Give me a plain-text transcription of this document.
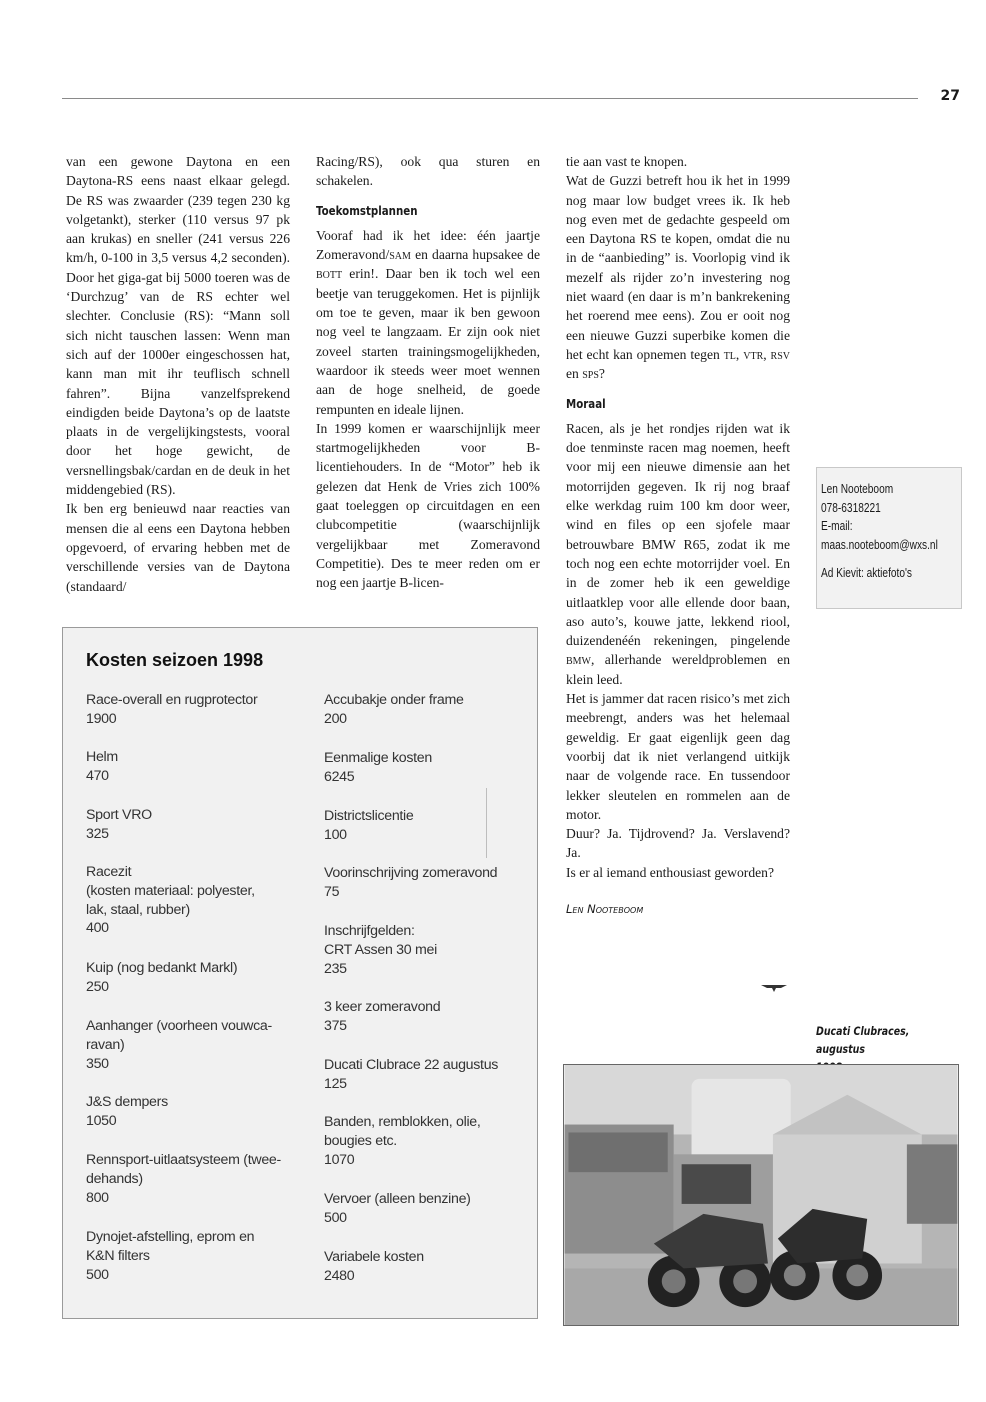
27

van een gewone Daytona en een Daytona-RS eens naast elkaar gelegd. De RS was zwaarder (239 tegen 230 kg volgetankt), sterker (110 versus 97 pk aan krukas) en sneller (241 versus 226 km/h, 0-100 in 3,5 versus 4,2 seconden). Door het giga-gat bij 5000 toeren was de ‘Durchzug’ van de RS echter wel slechter. Conclusie (RS): “Mann soll sich nicht tauschen lassen: Wenn man sich auf der 1000er eingeschossen hat, kann man mit ihr teuflisch schnell fahren”. Bijna vanzelfsprekend eindigden beide Daytona’s op de laatste plaats in de vergelijkingstests, vooral door het hoge gewicht, de versnellingsbak/cardan en de deuk in het middengebied (RS).

Ik ben erg benieuwd naar reacties van mensen die al eens een Daytona hebben opgevoerd, of ervaring hebben met de verschillende versies van de Daytona (standaard/

Racing/RS), ook qua sturen en schakelen.

Toekomstplannen

Vooraf had ik het idee: één jaartje Zomeravond/sam en daarna hupsakee de bott erin!. Daar ben ik toch wel een beetje van teruggekomen. Het is pijnlijk om toe te geven, maar ik ben gewoon nog veel te langzaam. Er zijn ook niet zoveel starten trainingsmogelijkheden, waardoor ik steeds weer moet wennen aan de hoge snelheid, de goede rempunten en ideale lijnen.

In 1999 komen er waarschijnlijk meer startmogelijkheden voor B-licentiehouders. In de “Motor” heb ik gelezen dat Henk de Vries zich 100% gaat toeleggen op circuitdagen en een clubcompetitie (waarschijnlijk vergelijkbaar met Zomeravond Competitie). Des te meer reden om er nog een jaartje B-licen-

tie aan vast te knopen.

Wat de Guzzi betreft hou ik het in 1999 nog maar low budget vrees ik. Ik heb nog even met de gedachte gespeeld om een Daytona RS te kopen, omdat die nu in de “aanbieding” is. Voorlopig vind ik mezelf als rijder zo’n investering nog niet waard (en daar is m’n bankrekening het roerend mee eens). Zou er ooit nog een nieuwe Guzzi superbike komen die het echt kan opnemen tegen tl, vtr, rsv en sps?

Moraal

Racen, als je het rondjes rijden wat ik doe tenminste racen mag noemen, heeft voor mij een nieuwe dimensie aan het motorrijden gegeven. Ik rij nog braaf elke werkdag ruim 100 km door weer, wind en files op een sjofele maar betrouwbare BMW R65, zodat ik me toch nog een echte motorrijder voel. En in de zomer heb ik een geweldige uitlaatklep voor alle ellende door baan, aso auto’s, kouwe jatte, lekkend riool, duizendenéén rekeningen, pingelende bmw, allerhande wereldproblemen en klein leed.

Het is jammer dat racen risico’s met zich meebrengt, anders was het helemaal geweldig. Er gaat eigenlijk geen dag voorbij dat ik niet verlangend uitkijk naar de volgende race. En tussendoor lekker sleutelen en rommelen aan de motor.

Duur? Ja. Tijdrovend? Ja. Verslavend? Ja.

Is er al iemand enthousiast geworden?

Len Nooteboom
Len Nooteboom
078-6318221
E-mail:
maas.nooteboom@wxs.nl
Ad Kievit: aktiefoto's
Kosten seizoen 1998
Race-overall en rugprotector
1900
Helm
470
Sport VRO
325
Racezit
(kosten materiaal: polyester,
lak, staal, rubber)
400
Kuip (nog bedankt Markl)
250
Aanhanger (voorheen vouwca-
ravan)
350
J&S dempers
1050
Rennsport-uitlaatsysteem (twee-
dehands)
800
Dynojet-afstelling, eprom en
K&N filters
500
Accubakje onder frame
200
Eenmalige kosten
6245
Districtslicentie
100
Voorinschrijving zomeravond
75
Inschrijfgelden:
CRT Assen 30 mei
235
3 keer zomeravond
375
Ducati Clubrace 22 augustus
125
Banden, remblokken, olie,
bougies etc.
1070
Vervoer (alleen benzine)
500
Variabele kosten
2480
Ducati Clubraces, augustus
